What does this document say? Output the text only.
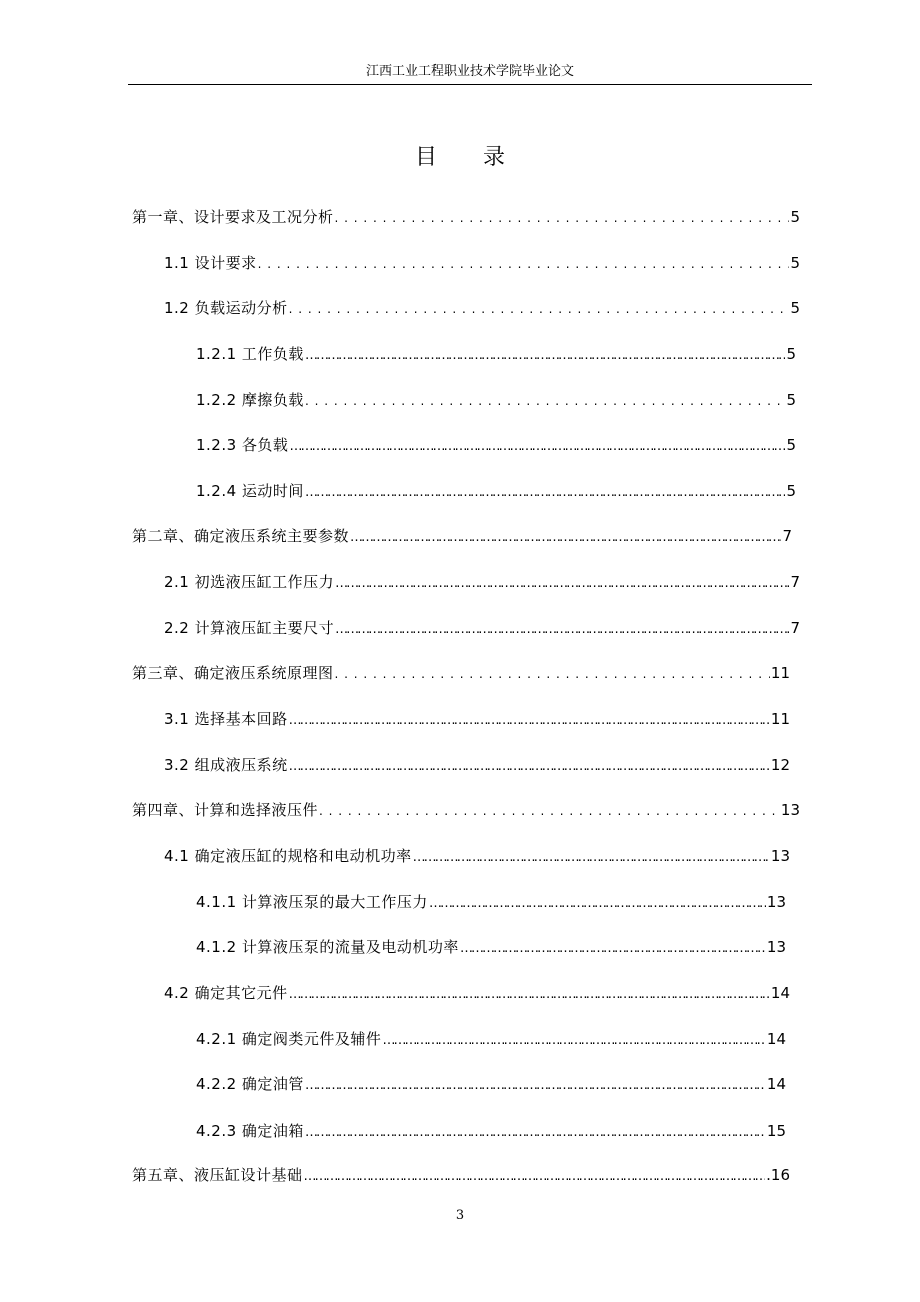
江西工业工程职业技术学院毕业论文
目 录
第一章、设计要求及工况分析 . . .	5
1.1 设计要求 . . .	5
1.2 负载运动分析 . . .	5
1.2.1 工作负载 ……………………………………………………………………………………………………………………………………	5
1.2.2 摩擦负载 . . .	5
1.2.3 各负载 ……………………………………………………………………………………………………………………………………	5
1.2.4 运动时间 ……………………………………………………………………………………………………………………………………	5
第二章、确定液压系统主要参数 ……………………………………………………………………………………………………………………………………	7
2.1 初选液压缸工作压力 ……………………………………………………………………………………………………………………………………	7
2.2 计算液压缸主要尺寸 ……………………………………………………………………………………………………………………………………	7
第三章、确定液压系统原理图 . . .	11
3.1 选择基本回路 ……………………………………………………………………………………………………………………………………	11
3.2 组成液压系统 ……………………………………………………………………………………………………………………………………	12
第四章、计算和选择液压件 . . .	13
4.1 确定液压缸的规格和电动机功率 ……………………………………………………………………………………………………………………………………	13
4.1.1 计算液压泵的最大工作压力 ……………………………………………………………………………………………………………………………………	13
4.1.2 计算液压泵的流量及电动机功率 ……………………………………………………………………………………………………………………………………	13
4.2 确定其它元件 ……………………………………………………………………………………………………………………………………	14
4.2.1 确定阀类元件及辅件 ……………………………………………………………………………………………………………………………………	14
4.2.2 确定油管 ……………………………………………………………………………………………………………………………………	14
4.2.3 确定油箱 ……………………………………………………………………………………………………………………………………	15
第五章、液压缸设计基础 ……………………………………………………………………………………………………………………………………	.16
3
